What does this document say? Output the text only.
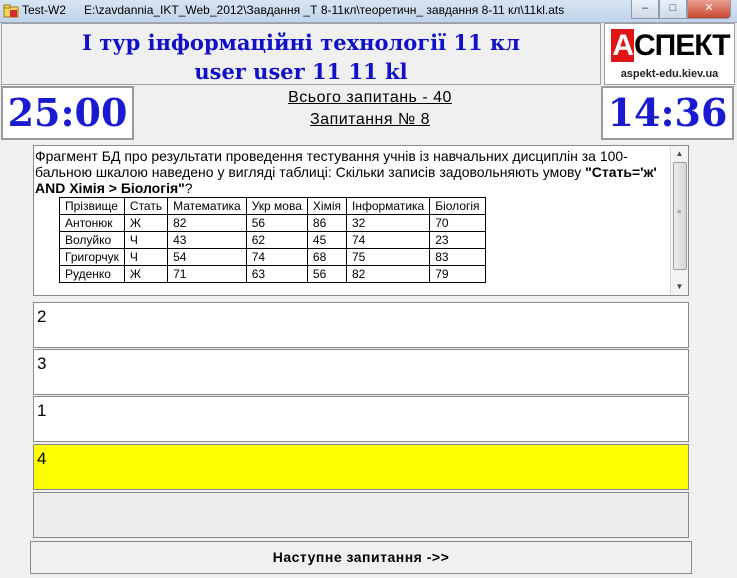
Test-W2 E:\zavdannia_IKT_Web_2012\Завдання _Т 8-11кл\теоретичн_ завдання 8-11 кл\11kl.ats	–	□	✕
І тур інформаційні технології 11 кл
user user 11 11 kl
АСПЕКТ
aspekt-edu.kiev.ua
25:00	Всього запитань - 40
Запитання № 8	14:36
Фрагмент БД про результати проведення тестування учнів із навчальних дисциплін за 100-бальною шкалою наведено у вигляді таблиці: Скільки записів задовольняють умову "Стать='ж' AND Хімія > Біологія"?
Прізвище	Стать	Математика	Укр мова	Хімія	Інформатика	Біологія
Антонюк	Ж	82	56	86	32	70
Волуйко	Ч	43	62	45	74	23
Григорчук	Ч	54	74	68	75	83
Руденко	Ж	71	63	56	82	79
▲
≡
▼
2
3
1
4
Наступне запитання ->>
